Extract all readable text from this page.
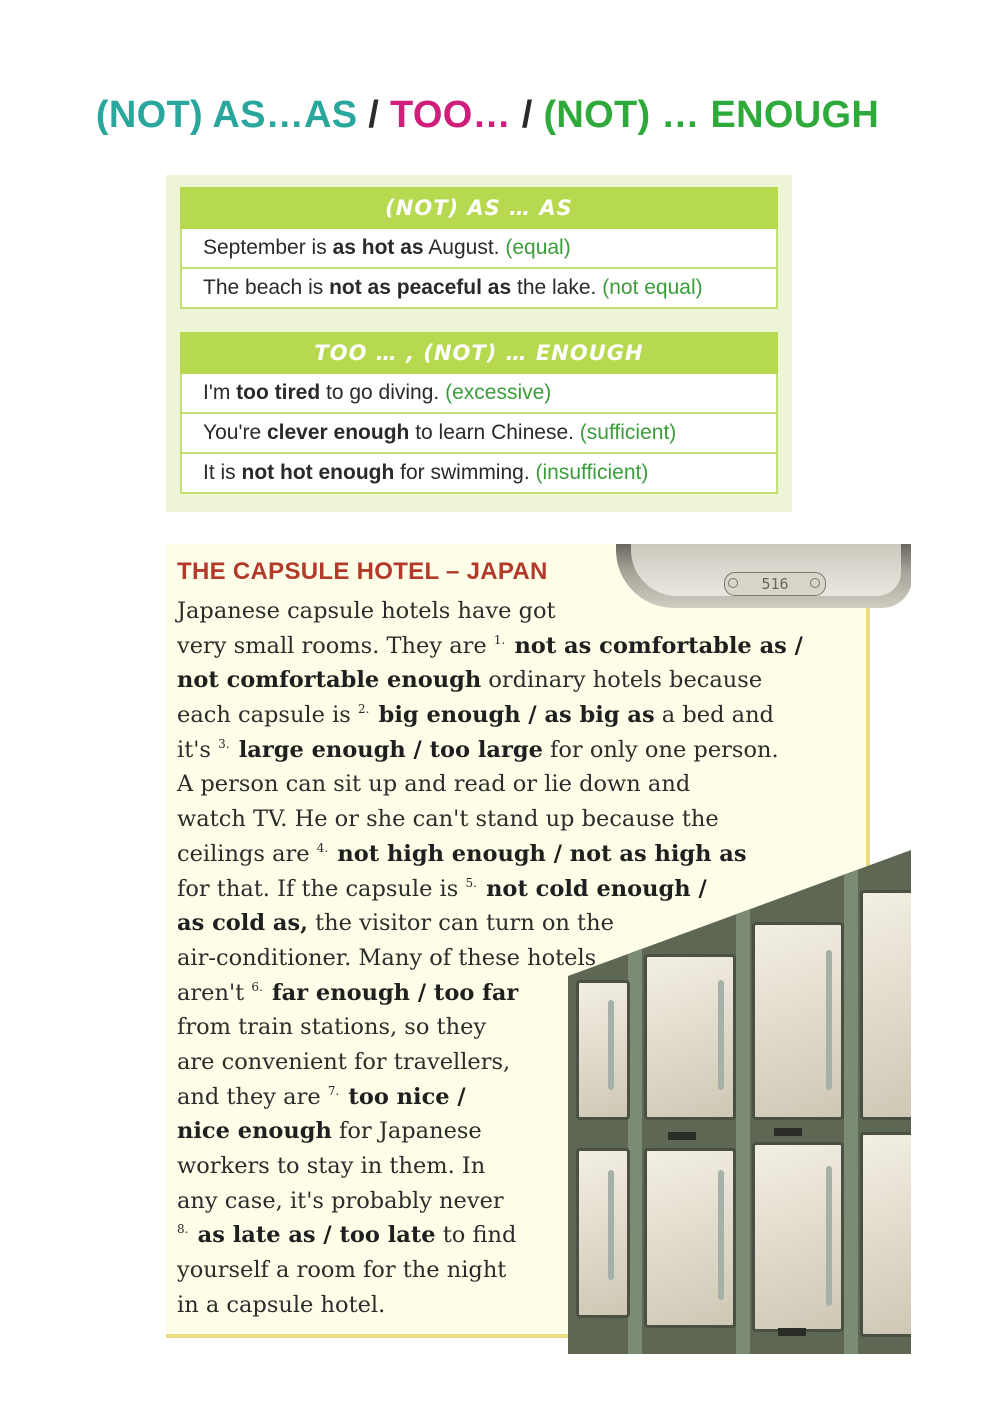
(NOT) AS…AS / TOO… / (NOT) … ENOUGH
(NOT) AS … AS
September is as hot as August. (equal)
The beach is not as peaceful as the lake. (not equal)
TOO … , (NOT) … ENOUGH
I'm too tired to go diving. (excessive)
You're clever enough to learn Chinese. (sufficient)
It is not hot enough for swimming. (insufficient)
516
THE CAPSULE HOTEL – JAPAN
Japanese capsule hotels have got
very small rooms. They are $^{1.}$ not as comfortable as /
not comfortable enough ordinary hotels because
each capsule is $^{2.}$ big enough / as big as a bed and
it's $^{3.}$ large enough / too large for only one person.
A person can sit up and read or lie down and
watch TV. He or she can't stand up because the
ceilings are $^{4.}$ not high enough / not as high as
for that. If the capsule is $^{5.}$ not cold enough /
as cold as, the visitor can turn on the
air-conditioner. Many of these hotels
aren't $^{6.}$ far enough / too far
from train stations, so they
are convenient for travellers,
and they are $^{7.}$ too nice /
nice enough for Japanese
workers to stay in them. In
any case, it's probably never
$^{8.}$ as late as / too late to find
yourself a room for the night
in a capsule hotel.
